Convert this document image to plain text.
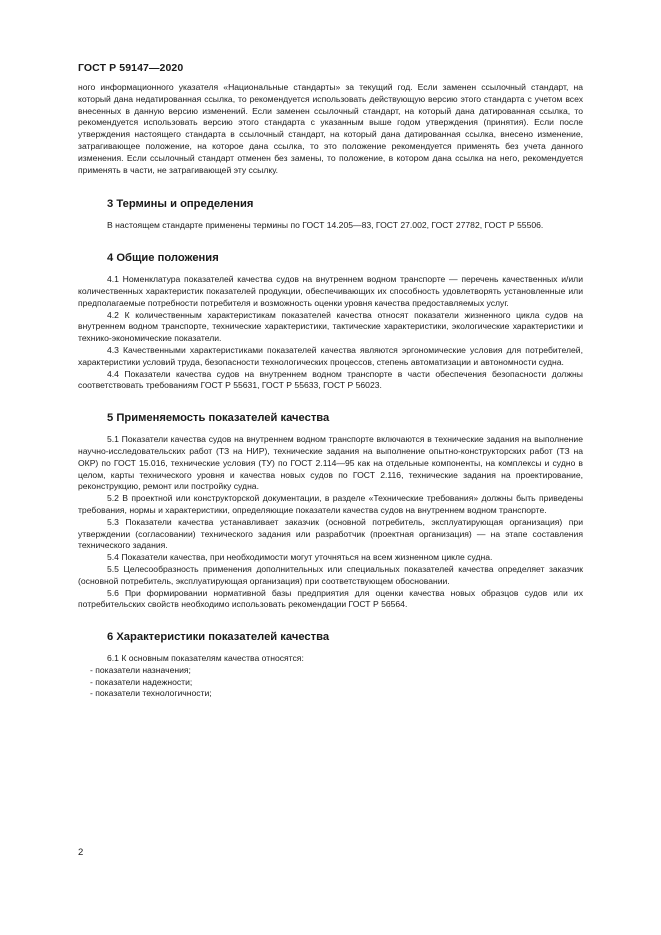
ГОСТ Р 59147—2020

ного информационного указателя «Национальные стандарты» за текущий год. Если заменен ссылочный стандарт, на который дана недатированная ссылка, то рекомендуется использовать действующую версию этого стандарта с учетом всех внесенных в данную версию изменений. Если заменен ссылочный стандарт, на который дана датированная ссылка, то рекомендуется использовать версию этого стандарта с указанным выше годом утверждения (принятия). Если после утверждения настоящего стандарта в ссылочный стандарт, на который дана датированная ссылка, внесено изменение, затрагивающее положение, на которое дана ссылка, то это положение рекомендуется применять без учета данного изменения. Если ссылочный стандарт отменен без замены, то положение, в котором дана ссылка на него, рекомендуется применять в части, не затрагивающей эту ссылку.

3 Термины и определения

В настоящем стандарте применены термины по ГОСТ 14.205—83, ГОСТ 27.002, ГОСТ 27782, ГОСТ Р 55506.

4 Общие положения

4.1 Номенклатура показателей качества судов на внутреннем водном транспорте — перечень качественных и/или количественных характеристик показателей продукции, обеспечивающих их способность удовлетворять установленные или предполагаемые потребности потребителя и возможность оценки уровня качества предоставляемых услуг.

4.2 К количественным характеристикам показателей качества относят показатели жизненного цикла судов на внутреннем водном транспорте, технические характеристики, тактические характеристики, экологические характеристики и технико-экономические показатели.

4.3 Качественными характеристиками показателей качества являются эргономические условия для потребителей, характеристики условий труда, безопасности технологических процессов, степень автоматизации и автономности судна.

4.4 Показатели качества судов на внутреннем водном транспорте в части обеспечения безопасности должны соответствовать требованиям ГОСТ Р 55631, ГОСТ Р 55633, ГОСТ Р 56023.

5 Применяемость показателей качества

5.1 Показатели качества судов на внутреннем водном транспорте включаются в технические задания на выполнение научно-исследовательских работ (ТЗ на НИР), технические задания на выполнение опытно-конструкторских работ (ТЗ на ОКР) по ГОСТ 15.016, технические условия (ТУ) по ГОСТ 2.114—95 как на отдельные компоненты, на комплексы и судно в целом, карты технического уровня и качества новых судов по ГОСТ 2.116, технические задания на проектирование, реконструкцию, ремонт или постройку судна.

5.2 В проектной или конструкторской документации, в разделе «Технические требования» должны быть приведены требования, нормы и характеристики, определяющие показатели качества судов на внутреннем водном транспорте.

5.3 Показатели качества устанавливает заказчик (основной потребитель, эксплуатирующая организация) при утверждении (согласовании) технического задания или разработчик (проектная организация) — на этапе составления технического задания.

5.4 Показатели качества, при необходимости могут уточняться на всем жизненном цикле судна.

5.5 Целесообразность применения дополнительных или специальных показателей качества определяет заказчик (основной потребитель, эксплуатирующая организация) при соответствующем обосновании.

5.6 При формировании нормативной базы предприятия для оценки качества новых образцов судов или их потребительских свойств необходимо использовать рекомендации ГОСТ Р 56564.

6 Характеристики показателей качества

6.1 К основным показателям качества относятся:

- показатели назначения;

- показатели надежности;

- показатели технологичности;

2
